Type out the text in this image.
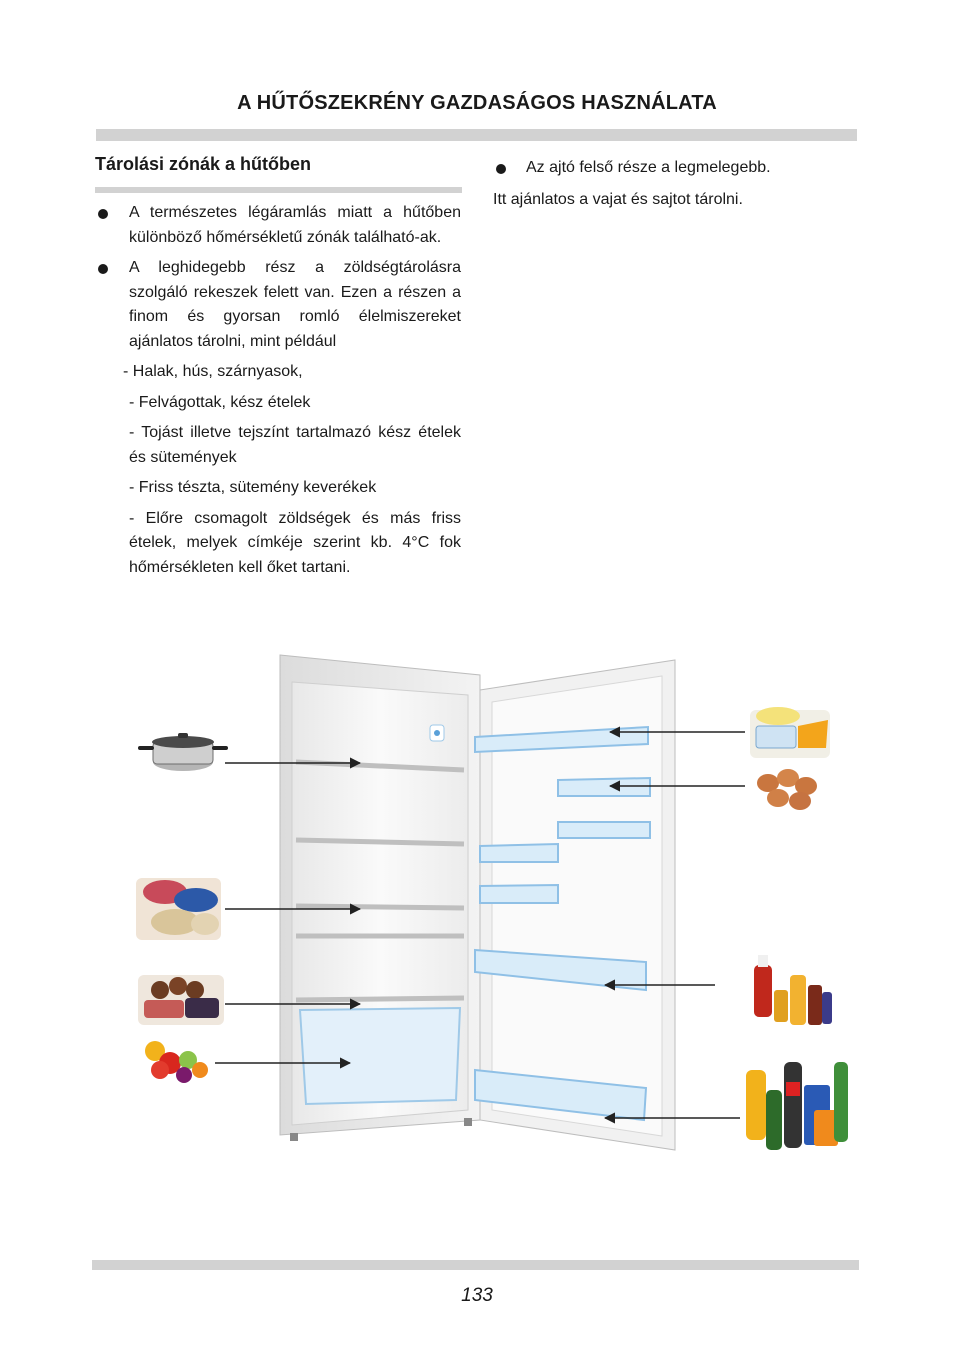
A HŰTŐSZEKRÉNY GAZDASÁGOS HASZNÁLATA
Tárolási zónák a hűtőben
A természetes légáramlás miatt a hűtőben különböző hőmérsékletű zónák található-ak.
A leghidegebb rész a zöldségtárolásra szolgáló rekeszek felett van. Ezen a részen a finom és gyorsan romló élelmiszereket ajánlatos tárolni, mint például
- Halak, hús, szárnyasok,
- Felvágottak, kész ételek
- Tojást illetve tejszínt tartalmazó kész ételek és sütemények
- Friss tészta, sütemény keverékek
- Előre csomagolt zöldségek és más friss ételek, melyek címkéje szerint kb. 4°C fok hőmérsékleten kell őket tartani.
Az ajtó felső része a legmelegebb.
Itt ajánlatos a vajat és sajtot tárolni.
133
